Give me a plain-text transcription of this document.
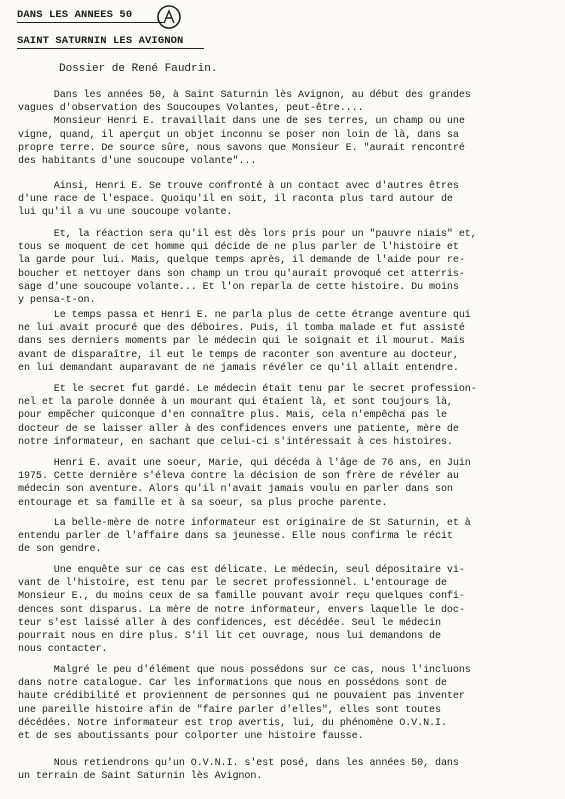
DANS LES ANNEES 50
SAINT SATURNIN LES AVIGNON
Dossier de René Faudrin.
Dans les années 50, à Saint Saturnin lès Avignon, au début des grandes
vagues d'observation des Soucoupes Volantes, peut-être....
Monsieur Henri E. travaillait dans une de ses terres, un champ ou une
vigne, quand, il aperçut un objet inconnu se poser non loin de là, dans sa
propre terre. De source sûre, nous savons que Monsieur E. "aurait rencontré
des habitants d'une soucoupe volante"...
Ainsi, Henri E. Se trouve confronté à un contact avec d'autres êtres
d'une race de l'espace. Quoiqu'il en soit, il raconta plus tard autour de
lui qu'il a vu une soucoupe volante.
Et, la réaction sera qu'il est dès lors pris pour un "pauvre niais" et,
tous se moquent de cet homme qui décide de ne plus parler de l'histoire et
la garde pour lui. Mais, quelque temps après, il demande de l'aide pour re-
boucher et nettoyer dans son champ un trou qu'aurait provoqué cet atterris-
sage d'une soucoupe volante... Et l'on reparla de cette histoire. Du moins
y pensa-t-on.
Le temps passa et Henri E. ne parla plus de cette étrange aventure qui
ne lui avait procuré que des déboires. Puis, il tomba malade et fut assisté
dans ses derniers moments par le médecin qui le soignait et il mourut. Mais
avant de disparaître, il eut le temps de raconter son aventure au docteur,
en lui demandant auparavant de ne jamais révéler ce qu'il allait entendre.
Et le secret fut gardé. Le médecin était tenu par le secret profession-
nel et la parole donnée à un mourant qui étaient là, et sont toujours là,
pour empêcher quiconque d'en connaître plus. Mais, cela n'empêcha pas le
docteur de se laisser aller à des confidences envers une patiente, mère de
notre informateur, en sachant que celui-ci s'intéressait à ces histoires.
Henri E. avait une soeur, Marie, qui décéda à l'âge de 76 ans, en Juin
1975. Cette dernière s'éleva contre la décision de son frère de révéler au
médecin son aventure. Alors qu'il n'avait jamais voulu en parler dans son
entourage et sa famille et à sa soeur, sa plus proche parente.
La belle-mère de notre informateur est originaire de St Saturnin, et à
entendu parler de l'affaire dans sa jeunesse. Elle nous confirma le récit
de son gendre.
Une enquête sur ce cas est délicate. Le médecin, seul dépositaire vi-
vant de l'histoire, est tenu par le secret professionnel. L'entourage de
Monsieur E., du moins ceux de sa famille pouvant avoir reçu quelques confi-
dences sont disparus. La mère de notre informateur, envers laquelle le doc-
teur s'est laissé aller à des confidences, est décédée. Seul le médecin
pourrait nous en dire plus. S'il lit cet ouvrage, nous lui demandons de
nous contacter.
Malgré le peu d'élément que nous possédons sur ce cas, nous l'incluons
dans notre catalogue. Car les informations que nous en possédons sont de
haute crédibilité et proviennent de personnes qui ne pouvaient pas inventer
une pareille histoire afin de "faire parler d'elles", elles sont toutes
décédées. Notre informateur est trop avertis, lui, du phénomène O.V.N.I.
et de ses aboutissants pour colporter une histoire fausse.
Nous retiendrons qu'un O.V.N.I. s'est posé, dans les années 50, dans
un terrain de Saint Saturnin lès Avignon.
